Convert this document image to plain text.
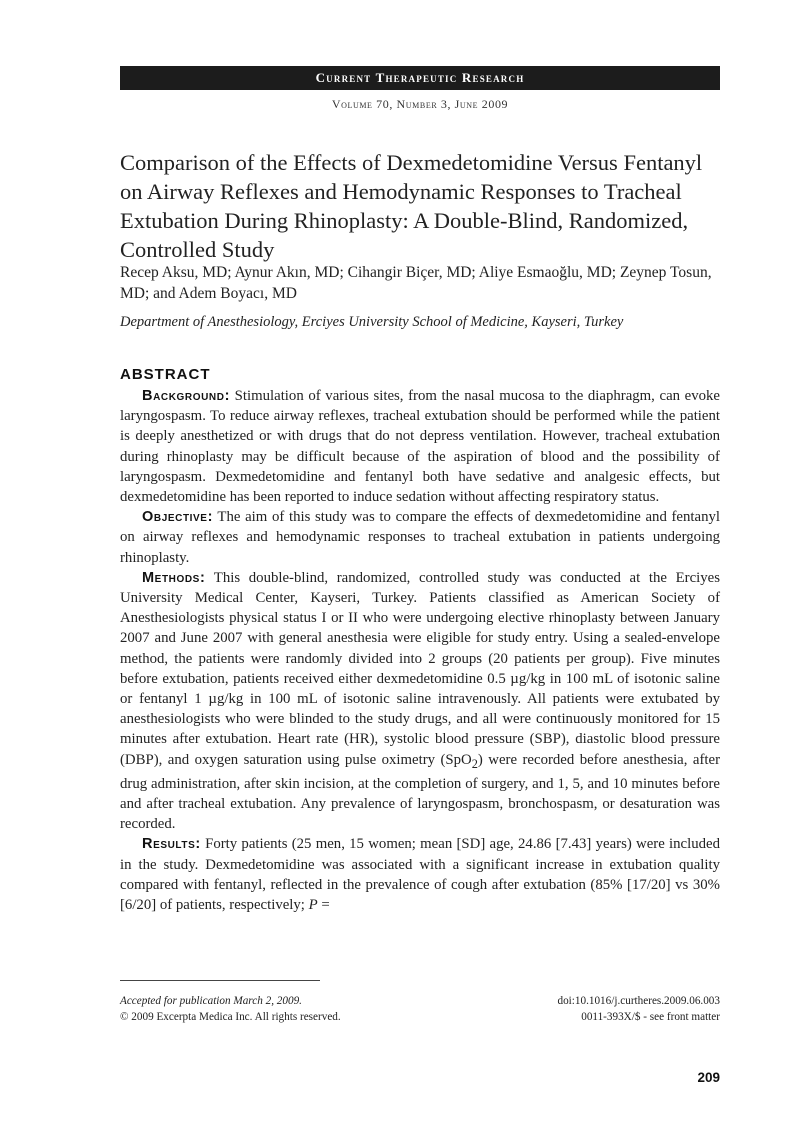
Current Therapeutic Research
Volume 70, Number 3, June 2009
Comparison of the Effects of Dexmedetomidine Versus Fentanyl on Airway Reflexes and Hemodynamic Responses to Tracheal Extubation During Rhinoplasty: A Double-Blind, Randomized, Controlled Study
Recep Aksu, MD; Aynur Akın, MD; Cihangir Biçer, MD; Aliye Esmaoğlu, MD; Zeynep Tosun, MD; and Adem Boyacı, MD
Department of Anesthesiology, Erciyes University School of Medicine, Kayseri, Turkey
ABSTRACT

Background: Stimulation of various sites, from the nasal mucosa to the diaphragm, can evoke laryngospasm. To reduce airway reflexes, tracheal extubation should be performed while the patient is deeply anesthetized or with drugs that do not depress ventilation. However, tracheal extubation during rhinoplasty may be difficult because of the aspiration of blood and the possibility of laryngospasm. Dexmedetomidine and fentanyl both have sedative and analgesic effects, but dexmedetomidine has been reported to induce sedation without affecting respiratory status.

Objective: The aim of this study was to compare the effects of dexmedetomidine and fentanyl on airway reflexes and hemodynamic responses to tracheal extubation in patients undergoing rhinoplasty.

Methods: This double-blind, randomized, controlled study was conducted at the Erciyes University Medical Center, Kayseri, Turkey. Patients classified as American Society of Anesthesiologists physical status I or II who were undergoing elective rhinoplasty between January 2007 and June 2007 with general anesthesia were eligible for study entry. Using a sealed-envelope method, the patients were randomly divided into 2 groups (20 patients per group). Five minutes before extubation, patients received either dexmedetomidine 0.5 µg/kg in 100 mL of isotonic saline or fentanyl 1 µg/kg in 100 mL of isotonic saline intravenously. All patients were extubated by anesthesiologists who were blinded to the study drugs, and all were continuously monitored for 15 minutes after extubation. Heart rate (HR), systolic blood pressure (SBP), diastolic blood pressure (DBP), and oxygen saturation using pulse oximetry (SpO$_2$) were recorded before anesthesia, after drug administration, after skin incision, at the completion of surgery, and 1, 5, and 10 minutes before and after tracheal extubation. Any prevalence of laryngospasm, bronchospasm, or desaturation was recorded.

Results: Forty patients (25 men, 15 women; mean [SD] age, 24.86 [7.43] years) were included in the study. Dexmedetomidine was associated with a significant increase in extubation quality compared with fentanyl, reflected in the prevalence of cough after extubation (85% [17/20] vs 30% [6/20] of patients, respectively; P =

Accepted for publication March 2, 2009.
© 2009 Excerpta Medica Inc. All rights reserved.
doi:10.1016/j.curtheres.2009.06.003
0011-393X/$ - see front matter
209
